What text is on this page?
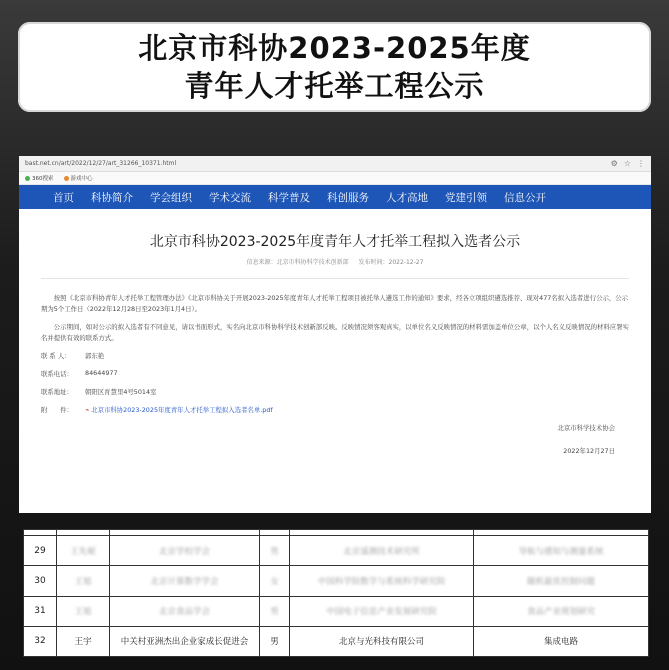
北京市科协2023-2025年度
青年人才托举工程公示
bast.net.cn/art/2022/12/27/art_31266_10371.html	⚙ ☆ ⋮
360搜索	游戏中心
首页 科协简介 学会组织 学术交流 科学普及 科创服务 人才高地 党建引领 信息公开
北京市科协2023-2025年度青年人才托举工程拟入选者公示
信息来源：北京市科协科学技术创新部 发布时间：2022-12-27
按照《北京市科协青年人才托举工程管理办法》《北京市科协关于开展2023-2025年度青年人才托举工程项目被托举人遴选工作的通知》要求，经各立项组织遴选推荐、现对477名拟入选者进行公示，公示期为5个工作日（2022年12月28日至2023年1月4日）。
公示期间，如对公示的拟入选者有不同意见，请以书面形式，实名向北京市科协科学技术创新部反映。反映情况须客观真实，以单位名义反映情况的材料需加盖单位公章，以个人名义反映情况的材料应署实名并提供有效的联系方式。
联 系 人：	郭东艳
联系电话：	84644977
联系地址：	朝阳区育慧里4号5014室
附　　件：	⌁ 北京市科协2023-2025年度青年人才托举工程拟入选者名单.pdf
北京市科学技术协会
2022年12月27日

29	王先妮	北京学校学会	男	北京遥测技术研究所	导航与感知与测量系统
30	王旭	北京计算数学学会	女	中国科学院数学与系统科学研究院	随机最优控制问题
31	王旭	北京食品学会	男	中国电子信息产业发展研究院	食品产业规划研究
32	王宇	中关村亚洲杰出企业家成长促进会	男	北京与光科技有限公司	集成电路
